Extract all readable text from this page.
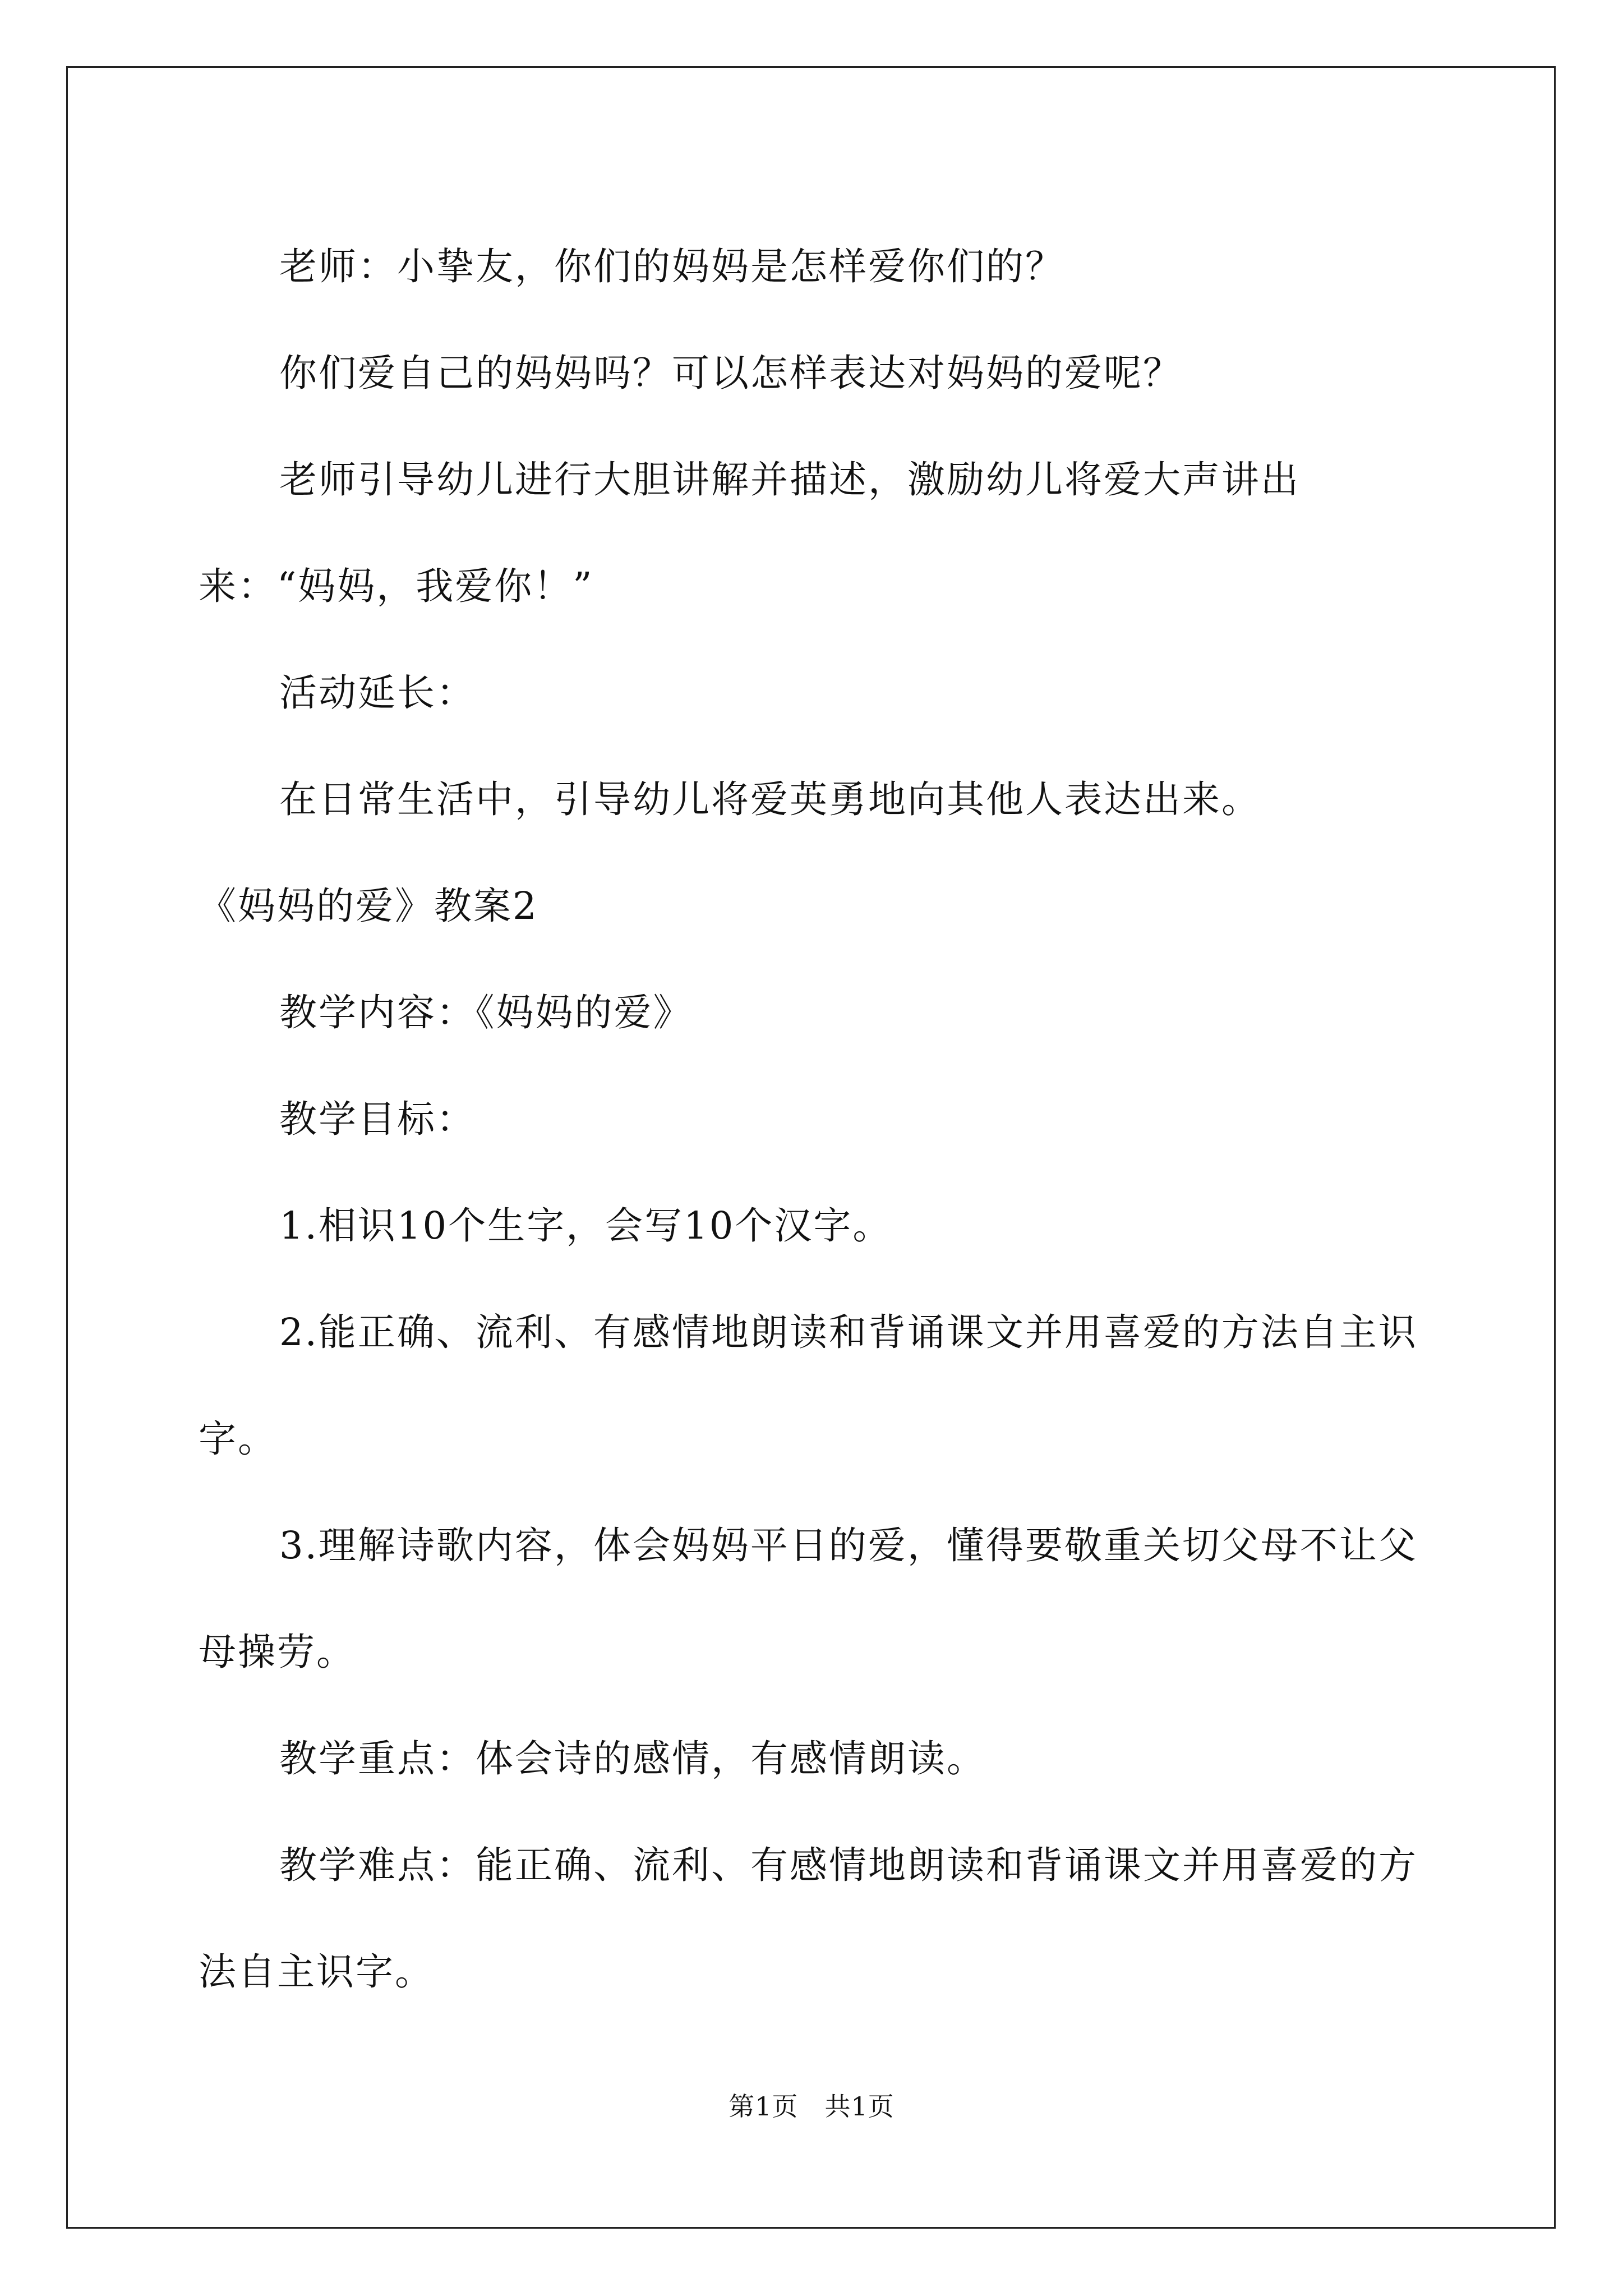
老师：小挚友，你们的妈妈是怎样爱你们的？

你们爱自己的妈妈吗？可以怎样表达对妈妈的爱呢？

老师引导幼儿进行大胆讲解并描述，激励幼儿将爱大声讲出来：“妈妈，我爱你！”

活动延长：

在日常生活中，引导幼儿将爱英勇地向其他人表达出来。

《妈妈的爱》教案2

教学内容：《妈妈的爱》

教学目标：

1.相识10个生字，会写10个汉字。

2.能正确、流利、有感情地朗读和背诵课文并用喜爱的方法自主识字。

3.理解诗歌内容，体会妈妈平日的爱，懂得要敬重关切父母不让父母操劳。

教学重点：体会诗的感情，有感情朗读。

教学难点：能正确、流利、有感情地朗读和背诵课文并用喜爱的方法自主识字。

第1页　共1页
